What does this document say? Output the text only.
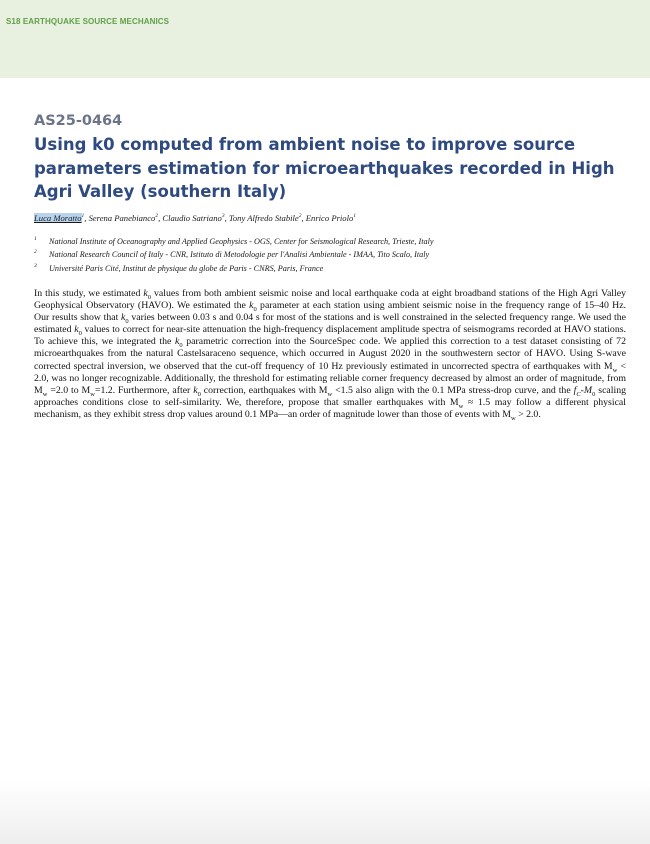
S18 EARTHQUAKE SOURCE MECHANICS
AS25-0464
Using k0 computed from ambient noise to improve source parameters estimation for microearthquakes recorded in High Agri Valley (southern Italy)
Luca Moratto$^1$, Serena Panebianco$^2$, Claudio Satriano$^3$, Tony Alfredo Stabile$^2$, Enrico Priolo$^1$
1	National Institute of Oceanography and Applied Geophysics - OGS, Center for Seismological Research, Trieste, Italy
2	National Research Council of Italy - CNR, Istituto di Metodologie per l'Analisi Ambientale - IMAA, Tito Scalo, Italy
3	Université Paris Cité, Institut de physique du globe de Paris - CNRS, Paris, France

In this study, we estimated $k_0$ values from both ambient seismic noise and local earthquake coda at eight broadband stations of the High Agri Valley Geophysical Observatory (HAVO). We estimated the $k_0$ parameter at each station using ambient seismic noise in the frequency range of 15–40 Hz. Our results show that $k_0$ varies between 0.03 s and 0.04 s for most of the stations and is well constrained in the selected frequency range. We used the estimated $k_0$ values to correct for near-site attenuation the high-frequency displacement amplitude spectra of seismograms recorded at HAVO stations. To achieve this, we integrated the $k_0$ parametric correction into the SourceSpec code. We applied this correction to a test dataset consisting of 72 microearthquakes from the natural Castelsaraceno sequence, which occurred in August 2020 in the southwestern sector of HAVO. Using S-wave corrected spectral inversion, we observed that the cut-off frequency of 10 Hz previously estimated in uncorrected spectra of earthquakes with $M_w < 2.0$, was no longer recognizable. Additionally, the threshold for estimating reliable corner frequency decreased by almost an order of magnitude, from $M_w =2.0$ to $M_w=1.2$. Furthermore, after $k_0$ correction, earthquakes with $M_w <1.5$ also align with the 0.1 MPa stress-drop curve, and the $f_C-M_0$ scaling approaches conditions close to self-similarity. We, therefore, propose that smaller earthquakes with $M_w \approx 1.5$ may follow a different physical mechanism, as they exhibit stress drop values around 0.1 MPa—an order of magnitude lower than those of events with $M_w > 2.0$.
